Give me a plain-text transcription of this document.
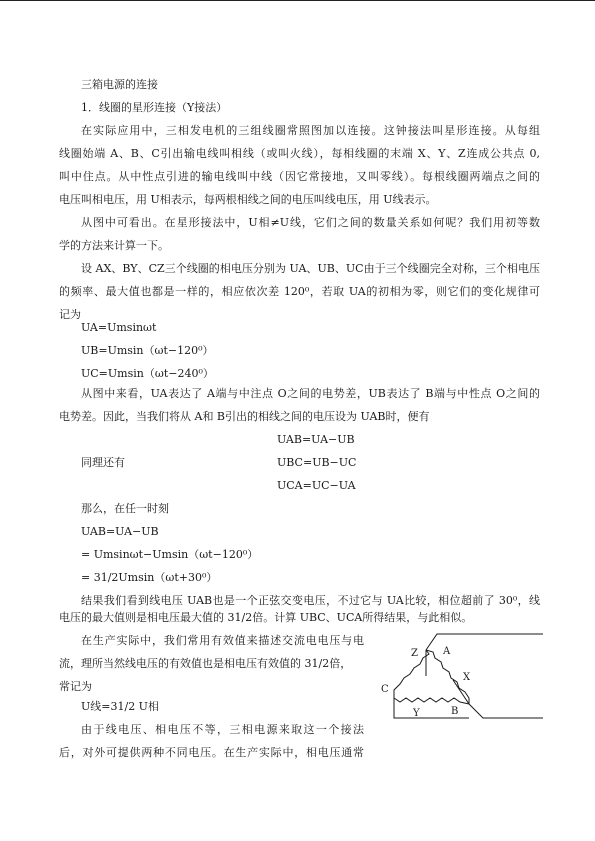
三箱电源的连接
1．线圈的星形连接（Y接法）
在实际应用中，三相发电机的三组线圈常照图加以连接。这钟接法叫星形连接。从每组
线圈始端 A、B、C引出输电线叫相线（或叫火线），每相线圈的末端 X、Y、Z连成公共点 0,
叫中住点。从中性点引进的输电线叫中线（因它常接地，又叫零线）。每根线圈两端点之间的
电压叫相电压，用 U相表示，每两根相线之间的电压叫线电压，用 U线表示。
从图中可看出。在星形接法中，U相≠U线，它们之间的数量关系如何呢？我们用初等数
学的方法来计算一下。
设 AX、BY、CZ三个线圈的相电压分别为 UA、UB、UC由于三个线圈完全对称，三个相电压
的频率、最大值也都是一样的，相应依次差 120⁰，若取 UA的初相为零，则它们的变化规律可
记为
UA=Umsinωt
UB=Umsin（ωt−120⁰）
UC=Umsin（ωt−240⁰）
从图中来看，UA表达了 A端与中注点 O之间的电势差，UB表达了 B端与中性点 O之间的
电势差。因此，当我们将从 A和 B引出的相线之间的电压设为 UAB时，便有
UAB=UA−UB
同理还有	UBC=UB−UC
UCA=UC−UA
那么，在任一时刻
UAB=UA−UB
= Umsinωt−Umsin（ωt−120⁰）
= 31/2Umsin（ωt+30⁰）
结果我们看到线电压 UAB也是一个正弦交变电压，不过它与 UA比较，相位超前了 30⁰，线
电压的最大值则是相电压最大值的 31/2倍。计算 UBC、UCA所得结果，与此相似。
在生产实际中，我们常用有效值来描述交流电电压与电
流，理所当然线电压的有效值也是相电压有效值的 31/2倍，
常记为
U线=31/2 U相
由于线电压、相电压不等，三相电源来取这一个接法
后，对外可提供两种不同电压。在生产实际中，相电压通常
Z	A
X
C
Y	B
